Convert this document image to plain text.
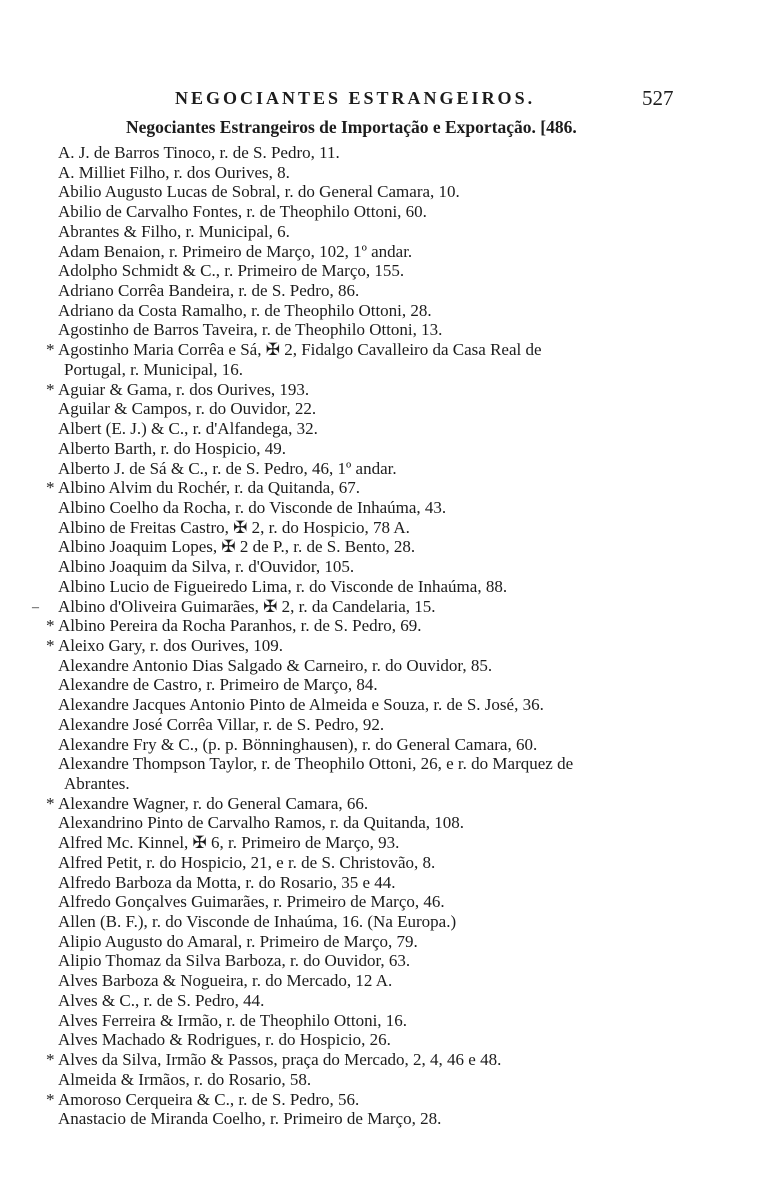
NEGOCIANTES ESTRANGEIROS.	527
Negociantes Estrangeiros de Importação e Exportação. [486.
–
A. J. de Barros Tinoco, r. de S. Pedro, 11.
A. Milliet Filho, r. dos Ourives, 8.
Abilio Augusto Lucas de Sobral, r. do General Camara, 10.
Abilio de Carvalho Fontes, r. de Theophilo Ottoni, 60.
Abrantes & Filho, r. Municipal, 6.
Adam Benaion, r. Primeiro de Março, 102, 1º andar.
Adolpho Schmidt & C., r. Primeiro de Março, 155.
Adriano Corrêa Bandeira, r. de S. Pedro, 86.
Adriano da Costa Ramalho, r. de Theophilo Ottoni, 28.
Agostinho de Barros Taveira, r. de Theophilo Ottoni, 13.
* Agostinho Maria Corrêa e Sá, ✠ 2, Fidalgo Cavalleiro da Casa Real de
Portugal, r. Municipal, 16.
* Aguiar & Gama, r. dos Ourives, 193.
Aguilar & Campos, r. do Ouvidor, 22.
Albert (E. J.) & C., r. d'Alfandega, 32.
Alberto Barth, r. do Hospicio, 49.
Alberto J. de Sá & C., r. de S. Pedro, 46, 1º andar.
* Albino Alvim du Rochér, r. da Quitanda, 67.
Albino Coelho da Rocha, r. do Visconde de Inhaúma, 43.
Albino de Freitas Castro, ✠ 2, r. do Hospicio, 78 A.
Albino Joaquim Lopes, ✠ 2 de P., r. de S. Bento, 28.
Albino Joaquim da Silva, r. d'Ouvidor, 105.
Albino Lucio de Figueiredo Lima, r. do Visconde de Inhaúma, 88.
Albino d'Oliveira Guimarães, ✠ 2, r. da Candelaria, 15.
* Albino Pereira da Rocha Paranhos, r. de S. Pedro, 69.
* Aleixo Gary, r. dos Ourives, 109.
Alexandre Antonio Dias Salgado & Carneiro, r. do Ouvidor, 85.
Alexandre de Castro, r. Primeiro de Março, 84.
Alexandre Jacques Antonio Pinto de Almeida e Souza, r. de S. José, 36.
Alexandre José Corrêa Villar, r. de S. Pedro, 92.
Alexandre Fry & C., (p. p. Bönninghausen), r. do General Camara, 60.
Alexandre Thompson Taylor, r. de Theophilo Ottoni, 26, e r. do Marquez de
Abrantes.
* Alexandre Wagner, r. do General Camara, 66.
Alexandrino Pinto de Carvalho Ramos, r. da Quitanda, 108.
Alfred Mc. Kinnel, ✠ 6, r. Primeiro de Março, 93.
Alfred Petit, r. do Hospicio, 21, e r. de S. Christovão, 8.
Alfredo Barboza da Motta, r. do Rosario, 35 e 44.
Alfredo Gonçalves Guimarães, r. Primeiro de Março, 46.
Allen (B. F.), r. do Visconde de Inhaúma, 16. (Na Europa.)
Alipio Augusto do Amaral, r. Primeiro de Março, 79.
Alipio Thomaz da Silva Barboza, r. do Ouvidor, 63.
Alves Barboza & Nogueira, r. do Mercado, 12 A.
Alves & C., r. de S. Pedro, 44.
Alves Ferreira & Irmão, r. de Theophilo Ottoni, 16.
Alves Machado & Rodrigues, r. do Hospicio, 26.
* Alves da Silva, Irmão & Passos, praça do Mercado, 2, 4, 46 e 48.
Almeida & Irmãos, r. do Rosario, 58.
* Amoroso Cerqueira & C., r. de S. Pedro, 56.
Anastacio de Miranda Coelho, r. Primeiro de Março, 28.
